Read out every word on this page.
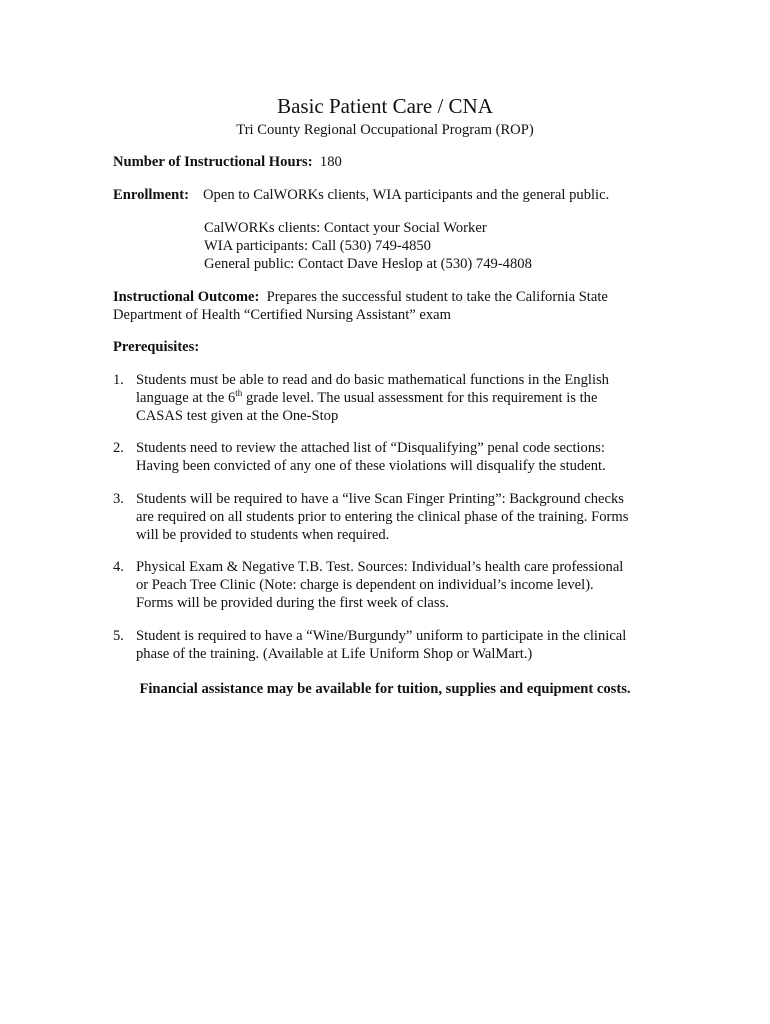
Basic Patient Care / CNA
Tri County Regional Occupational Program (ROP)
Number of Instructional Hours: 180
Enrollment: Open to CalWORKs clients, WIA participants and the general public.
CalWORKs clients: Contact your Social Worker
WIA participants: Call (530) 749-4850
General public: Contact Dave Heslop at (530) 749-4808
Instructional Outcome: Prepares the successful student to take the California State
Department of Health “Certified Nursing Assistant” exam
Prerequisites:
1. Students must be able to read and do basic mathematical functions in the English
language at the 6th grade level. The usual assessment for this requirement is the
CASAS test given at the One-Stop
2. Students need to review the attached list of “Disqualifying” penal code sections:
Having been convicted of any one of these violations will disqualify the student.
3. Students will be required to have a “live Scan Finger Printing”: Background checks
are required on all students prior to entering the clinical phase of the training. Forms
will be provided to students when required.
4. Physical Exam & Negative T.B. Test. Sources: Individual’s health care professional
or Peach Tree Clinic (Note: charge is dependent on individual’s income level).
Forms will be provided during the first week of class.
5. Student is required to have a “Wine/Burgundy” uniform to participate in the clinical
phase of the training. (Available at Life Uniform Shop or WalMart.)
Financial assistance may be available for tuition, supplies and equipment costs.
